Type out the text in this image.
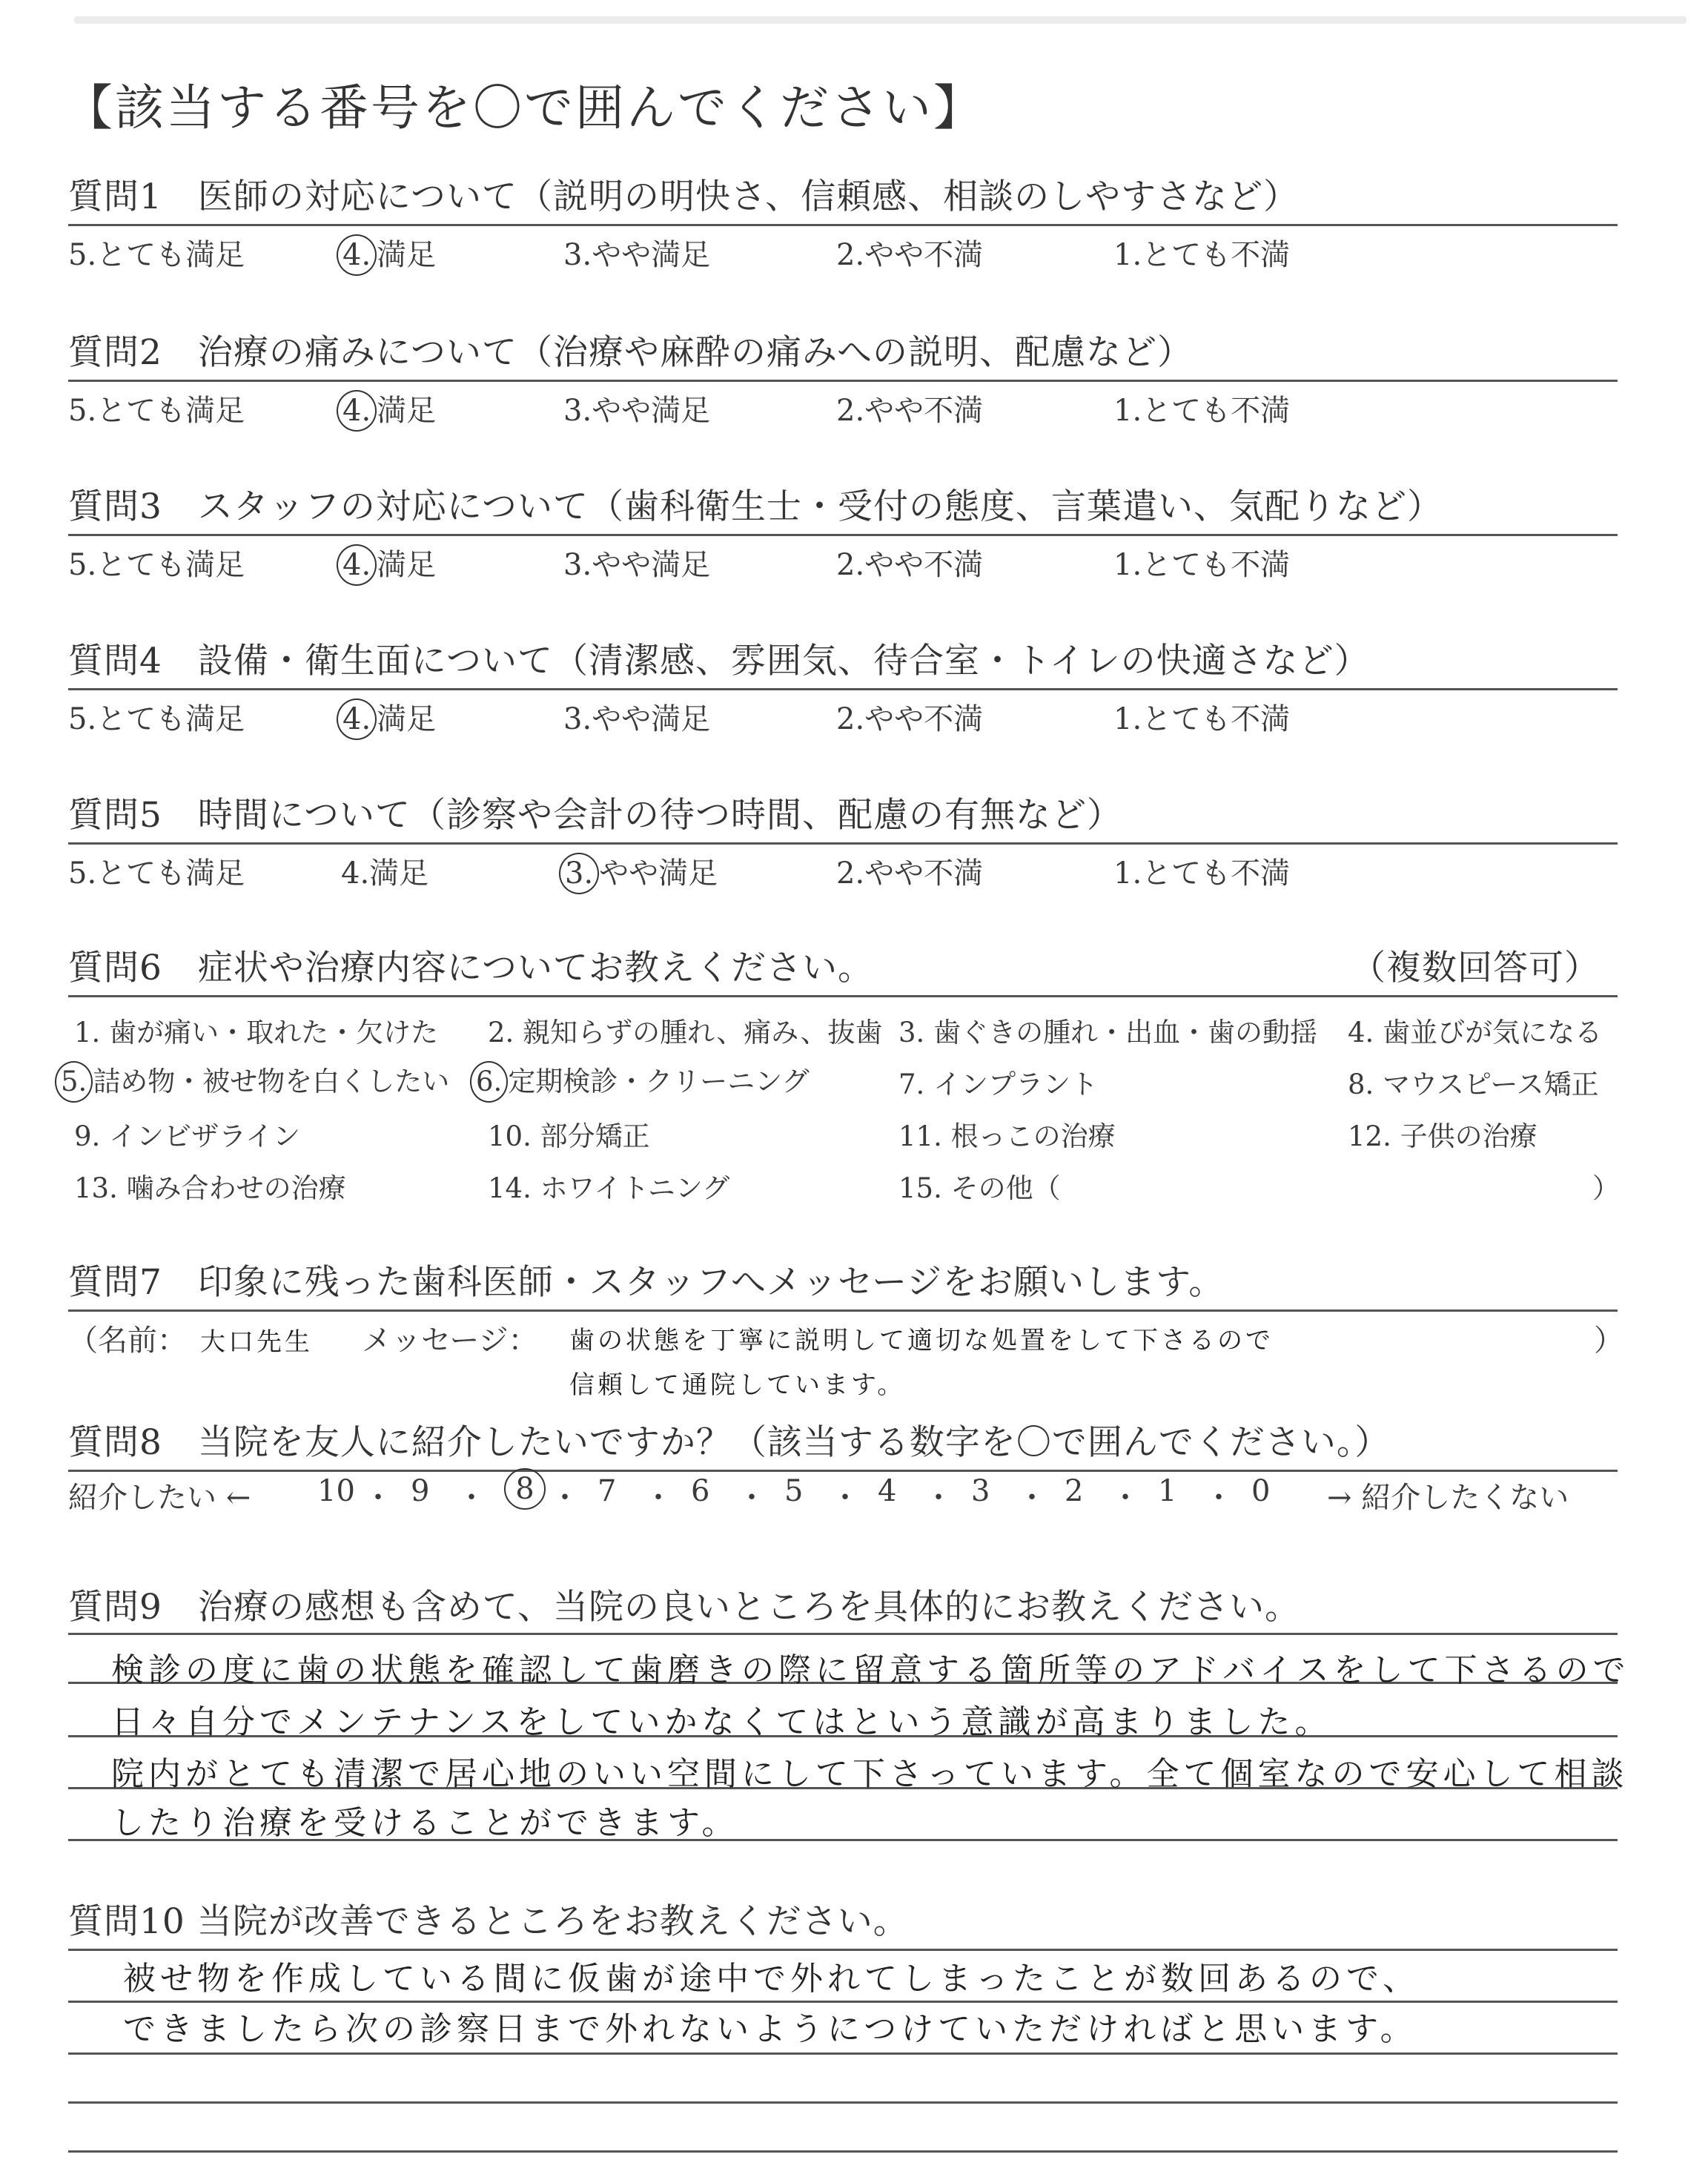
【該当する番号を〇で囲んでください】
質問1　医師の対応について（説明の明快さ、信頼感、相談のしやすさなど）
5.とても満足	4. 満足	3.やや満足	2.やや不満	1.とても不満
質問2　治療の痛みについて（治療や麻酔の痛みへの説明、配慮など）
5.とても満足	4. 満足	3.やや満足	2.やや不満	1.とても不満
質問3　スタッフの対応について（歯科衛生士・受付の態度、言葉遣い、気配りなど）
5.とても満足	4. 満足	3.やや満足	2.やや不満	1.とても不満
質問4　設備・衛生面について（清潔感、雰囲気、待合室・トイレの快適さなど）
5.とても満足	4. 満足	3.やや満足	2.やや不満	1.とても不満
質問5　時間について（診察や会計の待つ時間、配慮の有無など）
5.とても満足	4.満足	3. やや満足	2.やや不満	1.とても不満
質問6　症状や治療内容についてお教えください。	（複数回答可）
1. 歯が痛い・取れた・欠けた 2. 親知らずの腫れ、痛み、抜歯 3. 歯ぐきの腫れ・出血・歯の動揺 4. 歯並びが気になる
5. 詰め物・被せ物を白くしたい 6. 定期検診・クリーニング	7. インプラント	8. マウスピース矯正
9. インビザライン	10. 部分矯正	11. 根っこの治療	12. 子供の治療
13. 噛み合わせの治療	14. ホワイトニング	15. その他（	）
質問7　印象に残った歯科医師・スタッフへメッセージをお願いします。
（名前： 大口先生 メッセージ： 歯の状態を丁寧に説明して適切な処置をして下さるので	）
信頼して通院しています。
質問8　当院を友人に紹介したいですか？（該当する数字を〇で囲んでください。）
紹介したい ← 10 ・ 9 ・ 8 ・ 7 ・ 6 ・ 5 ・ 4 ・ 3 ・ 2 ・ 1 ・ 0 → 紹介したくない
質問9　治療の感想も含めて、当院の良いところを具体的にお教えください。
検診の度に歯の状態を確認して歯磨きの際に留意する箇所等のアドバイスをして下さるので
日々自分でメンテナンスをしていかなくてはという意識が高まりました。
院内がとても清潔で居心地のいい空間にして下さっています。全て個室なので安心して相談
したり治療を受けることができます。
質問10 当院が改善できるところをお教えください。
被せ物を作成している間に仮歯が途中で外れてしまったことが数回あるので、
できましたら次の診察日まで外れないようにつけていただければと思います。
